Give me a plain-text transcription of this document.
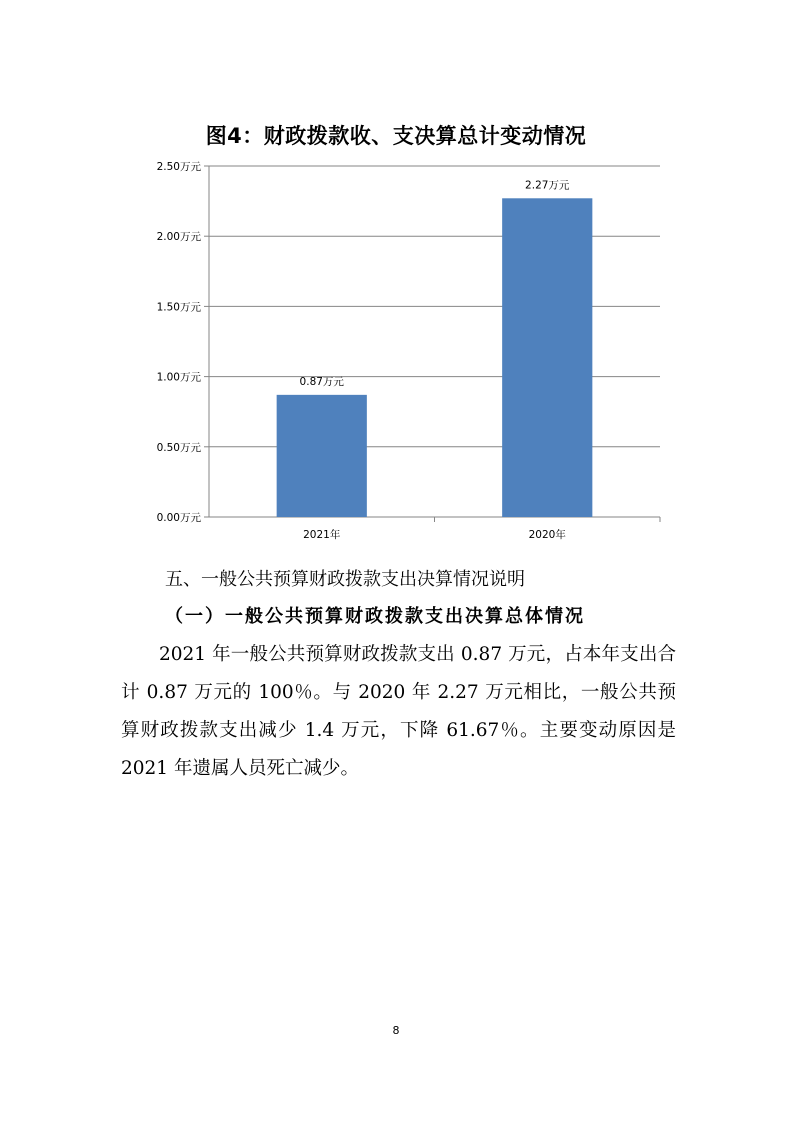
图4：财政拨款收、支决算总计变动情况
0.00万元
0.50万元
1.00万元
1.50万元
2.00万元
2.50万元
0.87万元
2021年
2.27万元
2020年
五、一般公共预算财政拨款支出决算情况说明
（一）一般公共预算财政拨款支出决算总体情况
2021 年一般公共预算财政拨款支出 0.87 万元，占本年支出合计 0.87 万元的 100％。与 2020 年 2.27 万元相比，一般公共预算财政拨款支出减少 1.4 万元，下降 61.67％。主要变动原因是 2021 年遗属人员死亡减少。
8
